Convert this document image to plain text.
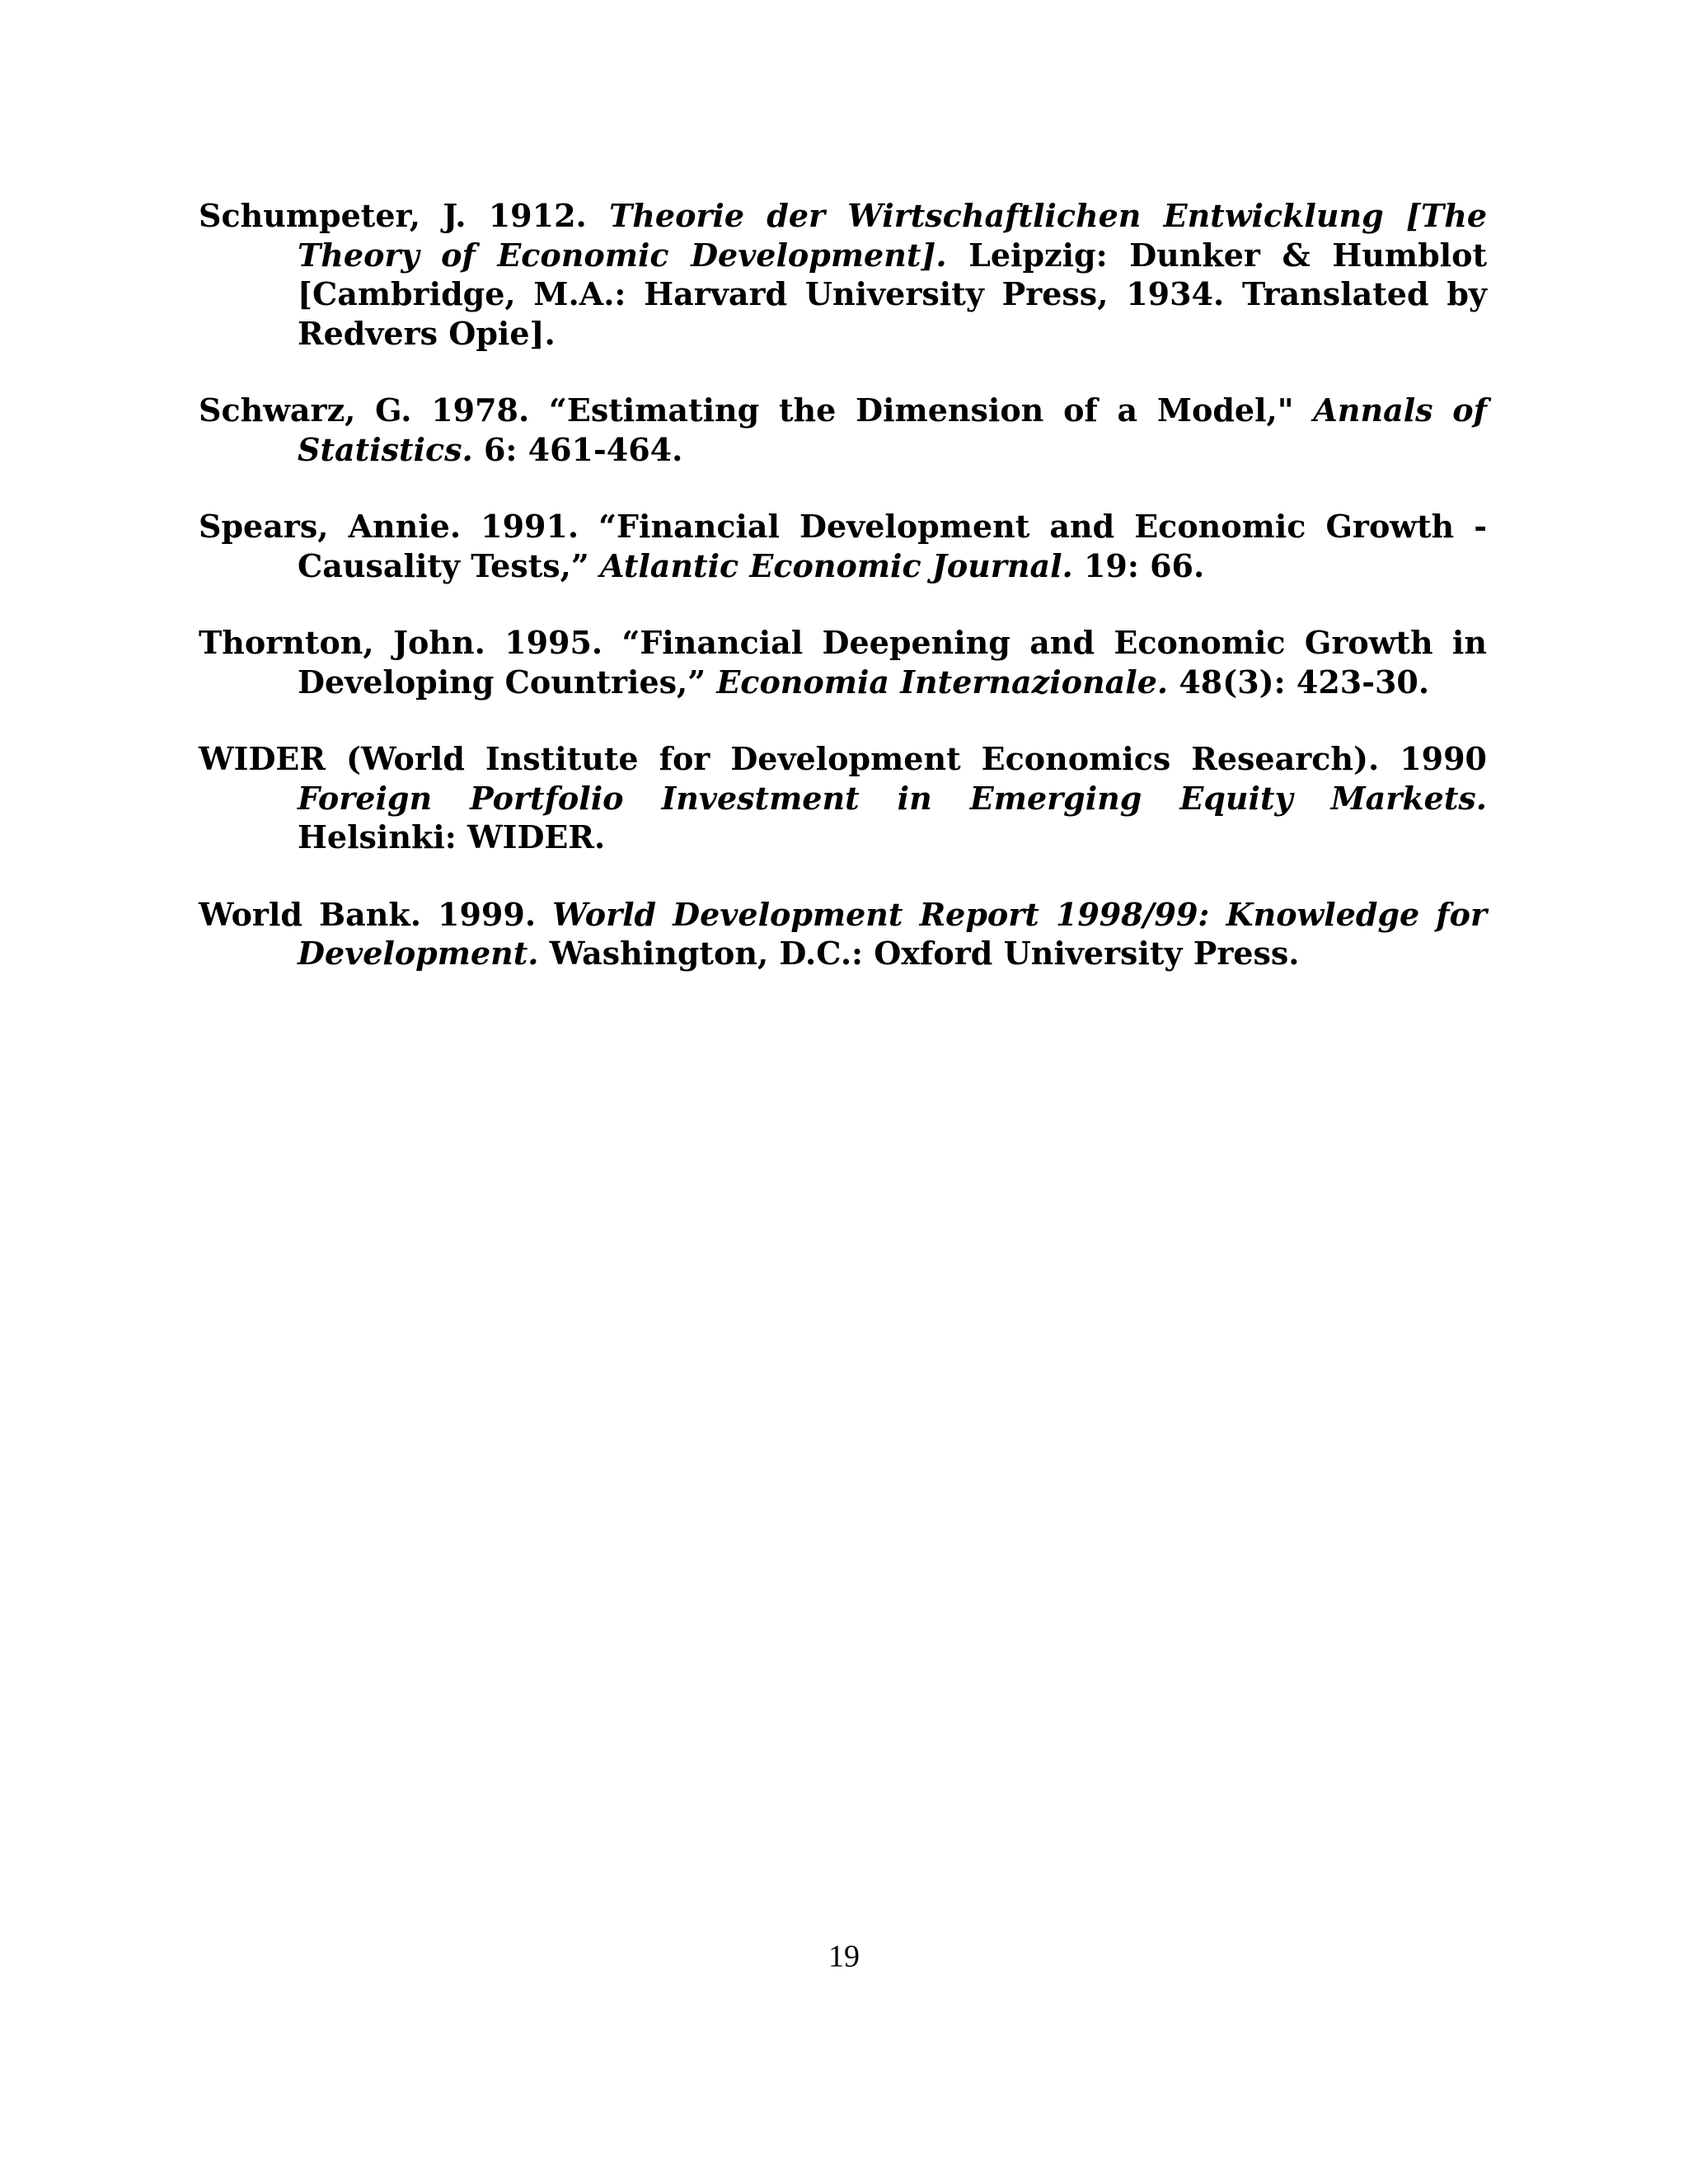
Schumpeter, J. 1912. Theorie der Wirtschaftlichen Entwicklung [The Theory of Economic Development]. Leipzig: Dunker & Humblot [Cambridge, M.A.: Harvard University Press, 1934. Translated by Redvers Opie].

Schwarz, G. 1978. “Estimating the Dimension of a Model," Annals of Statistics. 6: 461-464.

Spears, Annie. 1991. “Financial Development and Economic Growth - Causality Tests,” Atlantic Economic Journal. 19: 66.

Thornton, John. 1995. “Financial Deepening and Economic Growth in Developing Countries,” Economia Internazionale. 48(3): 423-30.

WIDER (World Institute for Development Economics Research). 1990 Foreign Portfolio Investment in Emerging Equity Markets. Helsinki: WIDER.

World Bank. 1999. World Development Report 1998/99: Knowledge for Development. Washington, D.C.: Oxford University Press.

19
